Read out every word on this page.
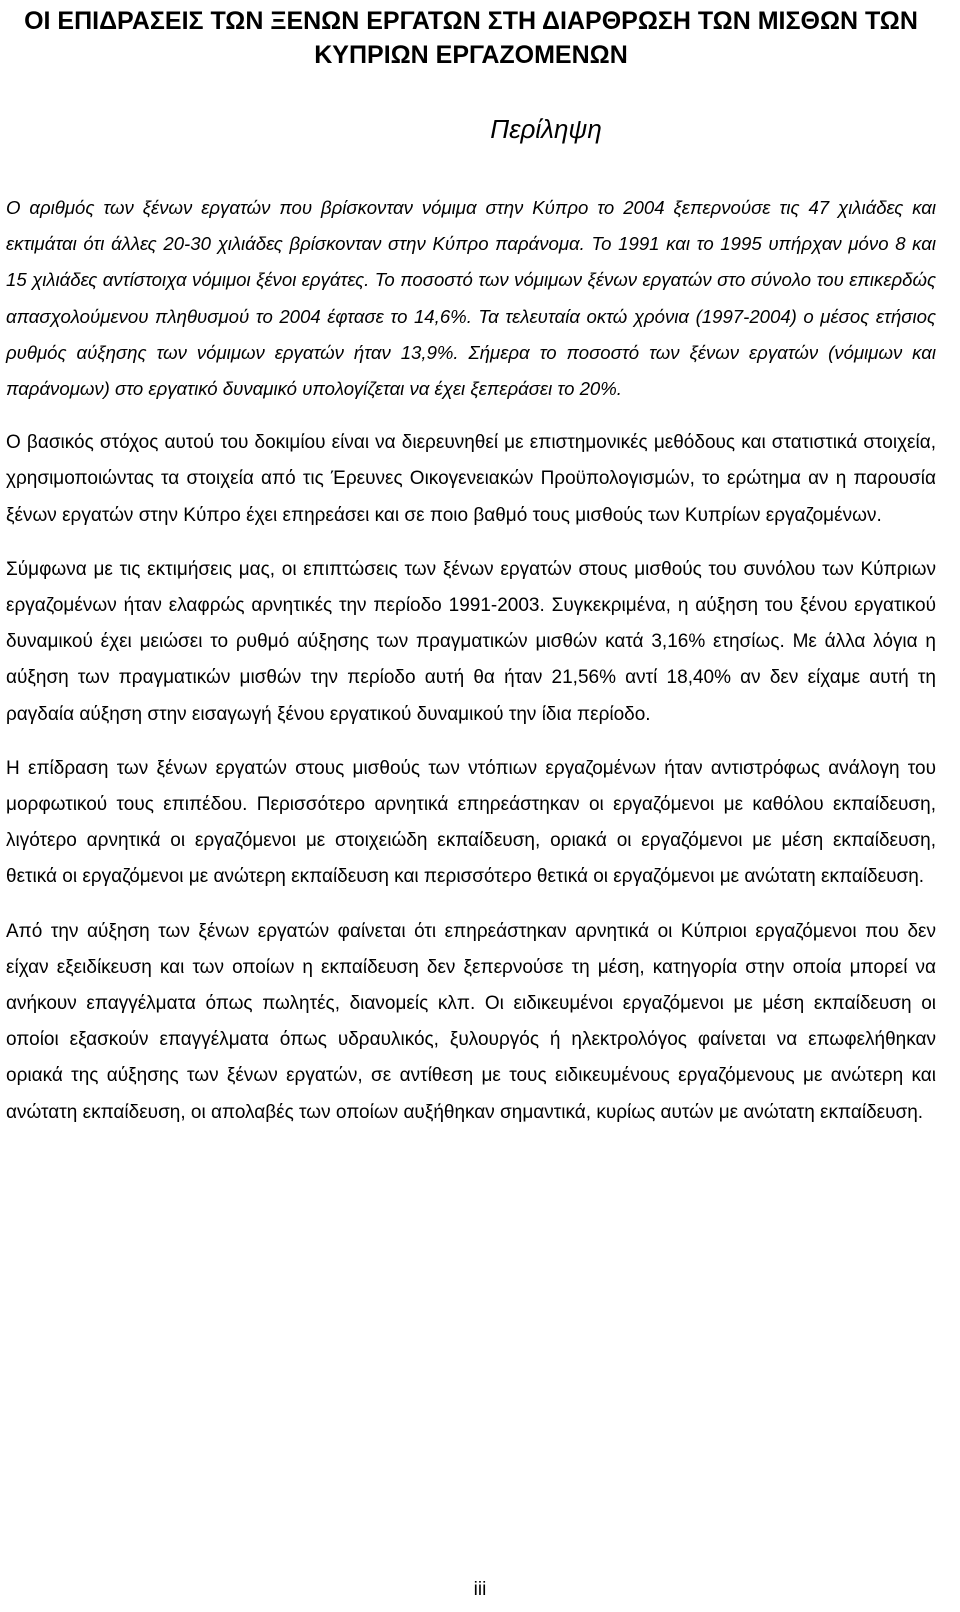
ΟΙ ΕΠΙΔΡΑΣΕΙΣ ΤΩΝ ΞΕΝΩΝ ΕΡΓΑΤΩΝ ΣΤΗ ΔΙΑΡΘΡΩΣΗ ΤΩΝ ΜΙΣΘΩΝ ΤΩΝ ΚΥΠΡΙΩΝ ΕΡΓΑΖΟΜΕΝΩΝ
Περίληψη

Ο αριθμός των ξένων εργατών που βρίσκονταν νόμιμα στην Κύπρο το 2004 ξεπερνούσε τις 47 χιλιάδες και εκτιμάται ότι άλλες 20-30 χιλιάδες βρίσκονταν στην Κύπρο παράνομα. Το 1991 και το 1995 υπήρχαν μόνο 8 και 15 χιλιάδες αντίστοιχα νόμιμοι ξένοι εργάτες. Το ποσοστό των νόμιμων ξένων εργατών στο σύνολο του επικερδώς απασχολούμενου πληθυσμού το 2004 έφτασε το 14,6%. Τα τελευταία οκτώ χρόνια (1997-2004) ο μέσος ετήσιος ρυθμός αύξησης των νόμιμων εργατών ήταν 13,9%. Σήμερα το ποσοστό των ξένων εργατών (νόμιμων και παράνομων) στο εργατικό δυναμικό υπολογίζεται να έχει ξεπεράσει το 20%.

Ο βασικός στόχος αυτού του δοκιμίου είναι να διερευνηθεί με επιστημονικές μεθόδους και στατιστικά στοιχεία, χρησιμοποιώντας τα στοιχεία από τις Έρευνες Οικογενειακών Προϋπολογισμών, το ερώτημα αν η παρουσία ξένων εργατών στην Κύπρο έχει επηρεάσει και σε ποιο βαθμό τους μισθούς των Κυπρίων εργαζομένων.

Σύμφωνα με τις εκτιμήσεις μας, οι επιπτώσεις των ξένων εργατών στους μισθούς του συνόλου των Κύπριων εργαζομένων ήταν ελαφρώς αρνητικές την περίοδο 1991-2003. Συγκεκριμένα, η αύξηση του ξένου εργατικού δυναμικού έχει μειώσει το ρυθμό αύξησης των πραγματικών μισθών κατά 3,16% ετησίως. Με άλλα λόγια η αύξηση των πραγματικών μισθών την περίοδο αυτή θα ήταν 21,56% αντί 18,40% αν δεν είχαμε αυτή τη ραγδαία αύξηση στην εισαγωγή ξένου εργατικού δυναμικού την ίδια περίοδο.

Η επίδραση των ξένων εργατών στους μισθούς των ντόπιων εργαζομένων ήταν αντιστρόφως ανάλογη του μορφωτικού τους επιπέδου. Περισσότερο αρνητικά επηρεάστηκαν οι εργαζόμενοι με καθόλου εκπαίδευση, λιγότερο αρνητικά οι εργαζόμενοι με στοιχειώδη εκπαίδευση, οριακά οι εργαζόμενοι με μέση εκπαίδευση, θετικά οι εργαζόμενοι με ανώτερη εκπαίδευση και περισσότερο θετικά οι εργαζόμενοι με ανώτατη εκπαίδευση.

Από την αύξηση των ξένων εργατών φαίνεται ότι επηρεάστηκαν αρνητικά οι Κύπριοι εργαζόμενοι που δεν είχαν εξειδίκευση και των οποίων η εκπαίδευση δεν ξεπερνούσε τη μέση, κατηγορία στην οποία μπορεί να ανήκουν επαγγέλματα όπως πωλητές, διανομείς κλπ. Οι ειδικευμένοι εργαζόμενοι με μέση εκπαίδευση οι οποίοι εξασκούν επαγγέλματα όπως υδραυλικός, ξυλουργός ή ηλεκτρολόγος φαίνεται να επωφελήθηκαν οριακά της αύξησης των ξένων εργατών, σε αντίθεση με τους ειδικευμένους εργαζόμενους με ανώτερη και ανώτατη εκπαίδευση, οι απολαβές των οποίων αυξήθηκαν σημαντικά, κυρίως αυτών με ανώτατη εκπαίδευση.

iii
